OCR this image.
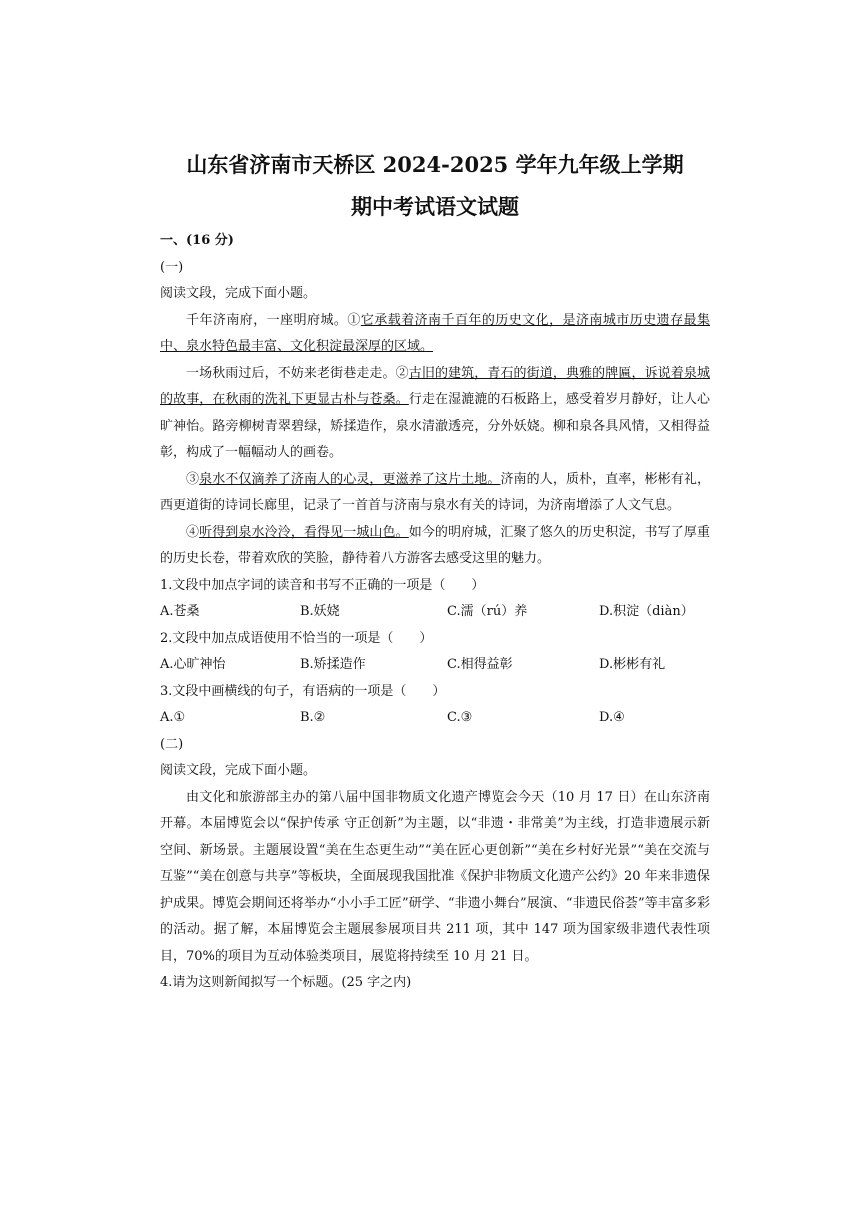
山东省济南市天桥区 2024-2025 学年九年级上学期

期中考试语文试题

一、(16 分)

(一)

阅读文段，完成下面小题。

千年济南府，一座明府城。①它承载着济南千百年的历史文化，是济南城市历史遗存最集中、泉水特色最丰富、文化积淀最深厚的区域。

一场秋雨过后，不妨来老街巷走走。②古旧的建筑，青石的街道，典雅的牌匾，诉说着泉城的故事，在秋雨的洗礼下更显古朴与苍桑。行走在湿漉漉的石板路上，感受着岁月静好，让人心旷神怡。路旁柳树青翠碧绿，矫揉造作，泉水清澈透亮，分外妖娆。柳和泉各具风情，又相得益彰，构成了一幅幅动人的画卷。

③泉水不仅滴养了济南人的心灵，更滋养了这片土地。济南的人，质朴，直率，彬彬有礼，西更道街的诗词长廊里，记录了一首首与济南与泉水有关的诗词，为济南增添了人文气息。

④听得到泉水泠泠，看得见一城山色。如今的明府城，汇聚了悠久的历史积淀，书写了厚重的历史长卷，带着欢欣的笑脸，静待着八方游客去感受这里的魅力。

1.文段中加点字词的读音和书写不正确的一项是（　　）

A.苍桑	B.妖娆	C.濡（rú）养	D.积淀（diàn）

2.文段中加点成语使用不恰当的一项是（　　）

A.心旷神怡	B.矫揉造作	C.相得益彰	D.彬彬有礼

3.文段中画横线的句子，有语病的一项是（　　）

A.①	B.②	C.③	D.④

(二)

阅读文段，完成下面小题。

由文化和旅游部主办的第八届中国非物质文化遗产博览会今天（10 月 17 日）在山东济南开幕。本届博览会以“保护传承 守正创新”为主题，以“非遗・非常美”为主线，打造非遗展示新空间、新场景。主题展设置“美在生态更生动”“美在匠心更创新”“美在乡村好光景”“美在交流与互鉴”“美在创意与共享”等板块，全面展现我国批准《保护非物质文化遗产公约》20 年来非遗保护成果。博览会期间还将举办“小小手工匠”研学、“非遗小舞台”展演、“非遗民俗荟”等丰富多彩的活动。据了解，本届博览会主题展参展项目共 211 项，其中 147 项为国家级非遗代表性项目，70%的项目为互动体验类项目，展览将持续至 10 月 21 日。

4.请为这则新闻拟写一个标题。(25 字之内)
